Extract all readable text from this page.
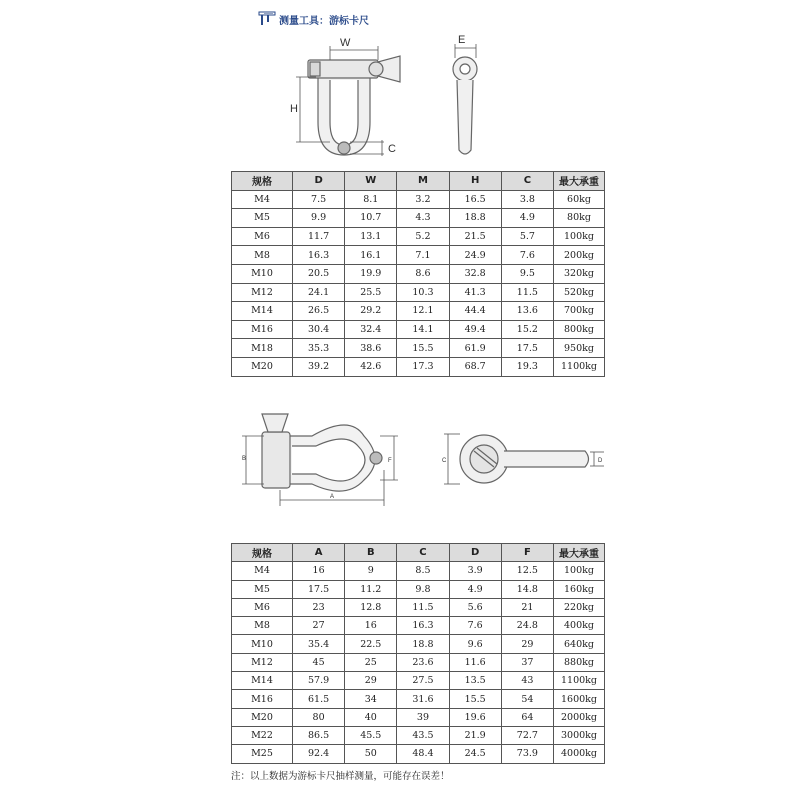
测量工具：游标卡尺
W
H
C
E
B
A
F	C	D
规格	D	W	M	H	C	最大承重
M4	7.5	8.1	3.2	16.5	3.8	60kg
M5	9.9	10.7	4.3	18.8	4.9	80kg
M6	11.7	13.1	5.2	21.5	5.7	100kg
M8	16.3	16.1	7.1	24.9	7.6	200kg
M10	20.5	19.9	8.6	32.8	9.5	320kg
M12	24.1	25.5	10.3	41.3	11.5	520kg
M14	26.5	29.2	12.1	44.4	13.6	700kg
M16	30.4	32.4	14.1	49.4	15.2	800kg
M18	35.3	38.6	15.5	61.9	17.5	950kg
M20	39.2	42.6	17.3	68.7	19.3	1100kg
规格	A	B	C	D	F	最大承重
M4	16	9	8.5	3.9	12.5	100kg
M5	17.5	11.2	9.8	4.9	14.8	160kg
M6	23	12.8	11.5	5.6	21	220kg
M8	27	16	16.3	7.6	24.8	400kg
M10	35.4	22.5	18.8	9.6	29	640kg
M12	45	25	23.6	11.6	37	880kg
M14	57.9	29	27.5	13.5	43	1100kg
M16	61.5	34	31.6	15.5	54	1600kg
M20	80	40	39	19.6	64	2000kg
M22	86.5	45.5	43.5	21.9	72.7	3000kg
M25	92.4	50	48.4	24.5	73.9	4000kg
注：以上数据为游标卡尺抽样测量，可能存在误差！
